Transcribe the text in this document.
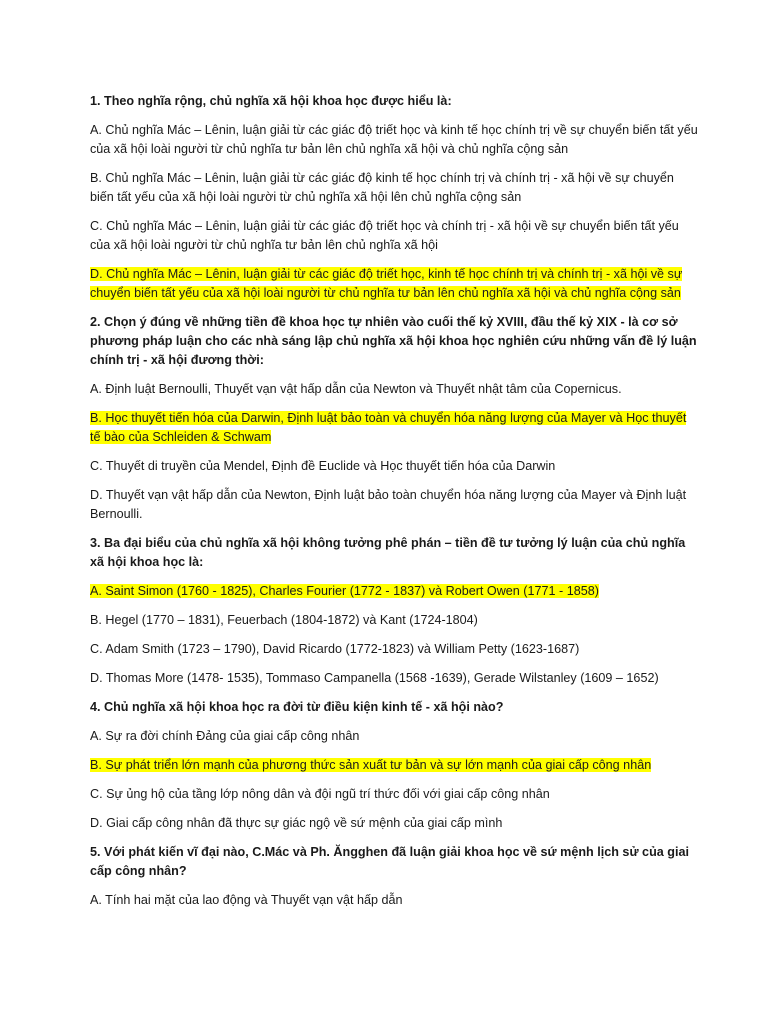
1. Theo nghĩa rộng, chủ nghĩa xã hội khoa học được hiểu là:

A. Chủ nghĩa Mác – Lênin, luận giải từ các giác độ triết học và kinh tế học chính trị về sự chuyển biến tất yếu của xã hội loài người từ chủ nghĩa tư bản lên chủ nghĩa xã hội và chủ nghĩa cộng sản

B. Chủ nghĩa Mác – Lênin, luận giải từ các giác độ kinh tế học chính trị và chính trị - xã hội về sự chuyển biến tất yếu của xã hội loài người từ chủ nghĩa xã hội lên chủ nghĩa cộng sản

C. Chủ nghĩa Mác – Lênin, luận giải từ các giác độ triết học và chính trị - xã hội về sự chuyển biến tất yếu của xã hội loài người từ chủ nghĩa tư bản lên chủ nghĩa xã hội

D. Chủ nghĩa Mác – Lênin, luận giải từ các giác độ triết học, kinh tế học chính trị và chính trị - xã hội về sự chuyển biến tất yếu của xã hội loài người từ chủ nghĩa tư bản lên chủ nghĩa xã hội và chủ nghĩa cộng sản

2. Chọn ý đúng về những tiền đề khoa học tự nhiên vào cuối thế kỷ XVIII, đầu thế kỷ XIX - là cơ sở phương pháp luận cho các nhà sáng lập chủ nghĩa xã hội khoa học nghiên cứu những vấn đề lý luận chính trị - xã hội đương thời:

A. Định luật Bernoulli, Thuyết vạn vật hấp dẫn của Newton và Thuyết nhật tâm của Copernicus.

B. Học thuyết tiến hóa của Darwin, Định luật bảo toàn và chuyển hóa năng lượng của Mayer và Học thuyết tế bào của Schleiden & Schwam

C. Thuyết di truyền của Mendel, Định đề Euclide và Học thuyết tiến hóa của Darwin

D. Thuyết vạn vật hấp dẫn của Newton, Định luật bảo toàn chuyển hóa năng lượng của Mayer và Định luật Bernoulli.

3. Ba đại biểu của chủ nghĩa xã hội không tưởng phê phán – tiền đề tư tưởng lý luận của chủ nghĩa xã hội khoa học là:

A. Saint Simon (1760 - 1825), Charles Fourier (1772 - 1837) và Robert Owen (1771 - 1858)

B. Hegel (1770 – 1831), Feuerbach (1804-1872) và Kant (1724-1804)

C. Adam Smith (1723 – 1790), David Ricardo (1772-1823) và William Petty (1623-1687)

D. Thomas More (1478- 1535), Tommaso Campanella (1568 -1639), Gerade Wilstanley (1609 – 1652)

4. Chủ nghĩa xã hội khoa học ra đời từ điều kiện kinh tế - xã hội nào?

A. Sự ra đời chính Đảng của giai cấp công nhân

B. Sự phát triển lớn mạnh của phương thức sản xuất tư bản và sự lớn mạnh của giai cấp công nhân

C. Sự ủng hộ của tầng lớp nông dân và đội ngũ trí thức đối với giai cấp công nhân

D. Giai cấp công nhân đã thực sự giác ngộ về sứ mệnh của giai cấp mình

5. Với phát kiến vĩ đại nào, C.Mác và Ph. Ăngghen đã luận giải khoa học về sứ mệnh lịch sử của giai cấp công nhân?

A. Tính hai mặt của lao động và Thuyết vạn vật hấp dẫn
